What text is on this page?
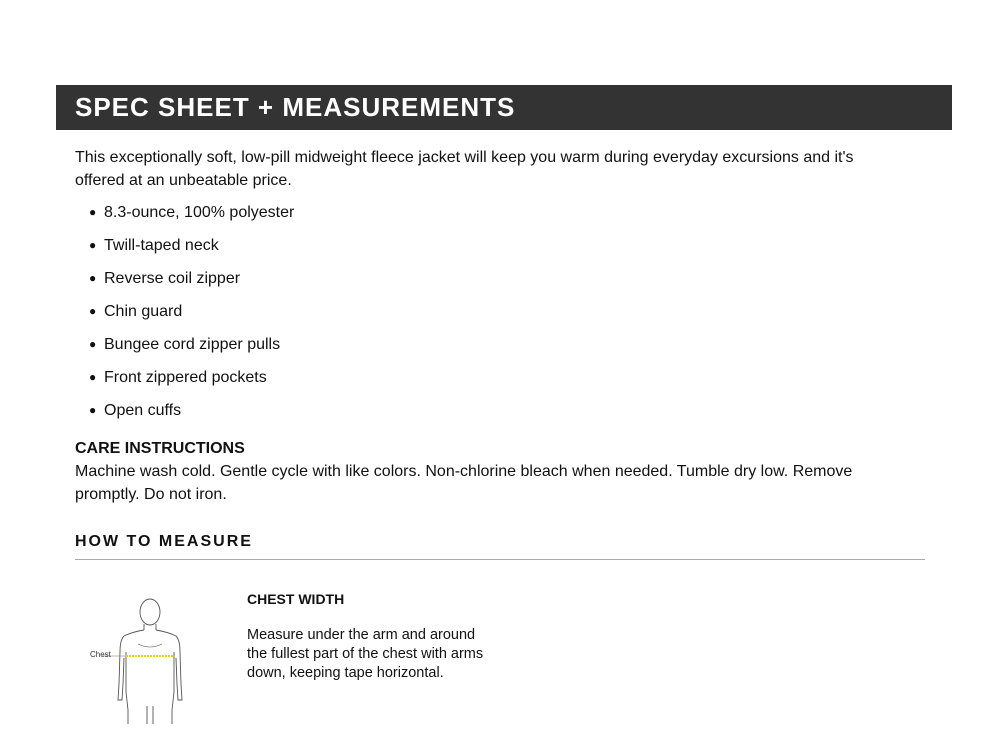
SPEC SHEET + MEASUREMENTS

This exceptionally soft, low-pill midweight fleece jacket will keep you warm during everyday excursions and it's offered at an unbeatable price.

● 8.3-ounce, 100% polyester
● Twill-taped neck
● Reverse coil zipper
● Chin guard
● Bungee cord zipper pulls
● Front zippered pockets
● Open cuffs
CARE INSTRUCTIONS

Machine wash cold. Gentle cycle with like colors. Non-chlorine bleach when needed. Tumble dry low. Remove promptly. Do not iron.

HOW TO MEASURE
Chest
CHEST WIDTH

Measure under the arm and around the fullest part of the chest with arms down, keeping tape horizontal.
